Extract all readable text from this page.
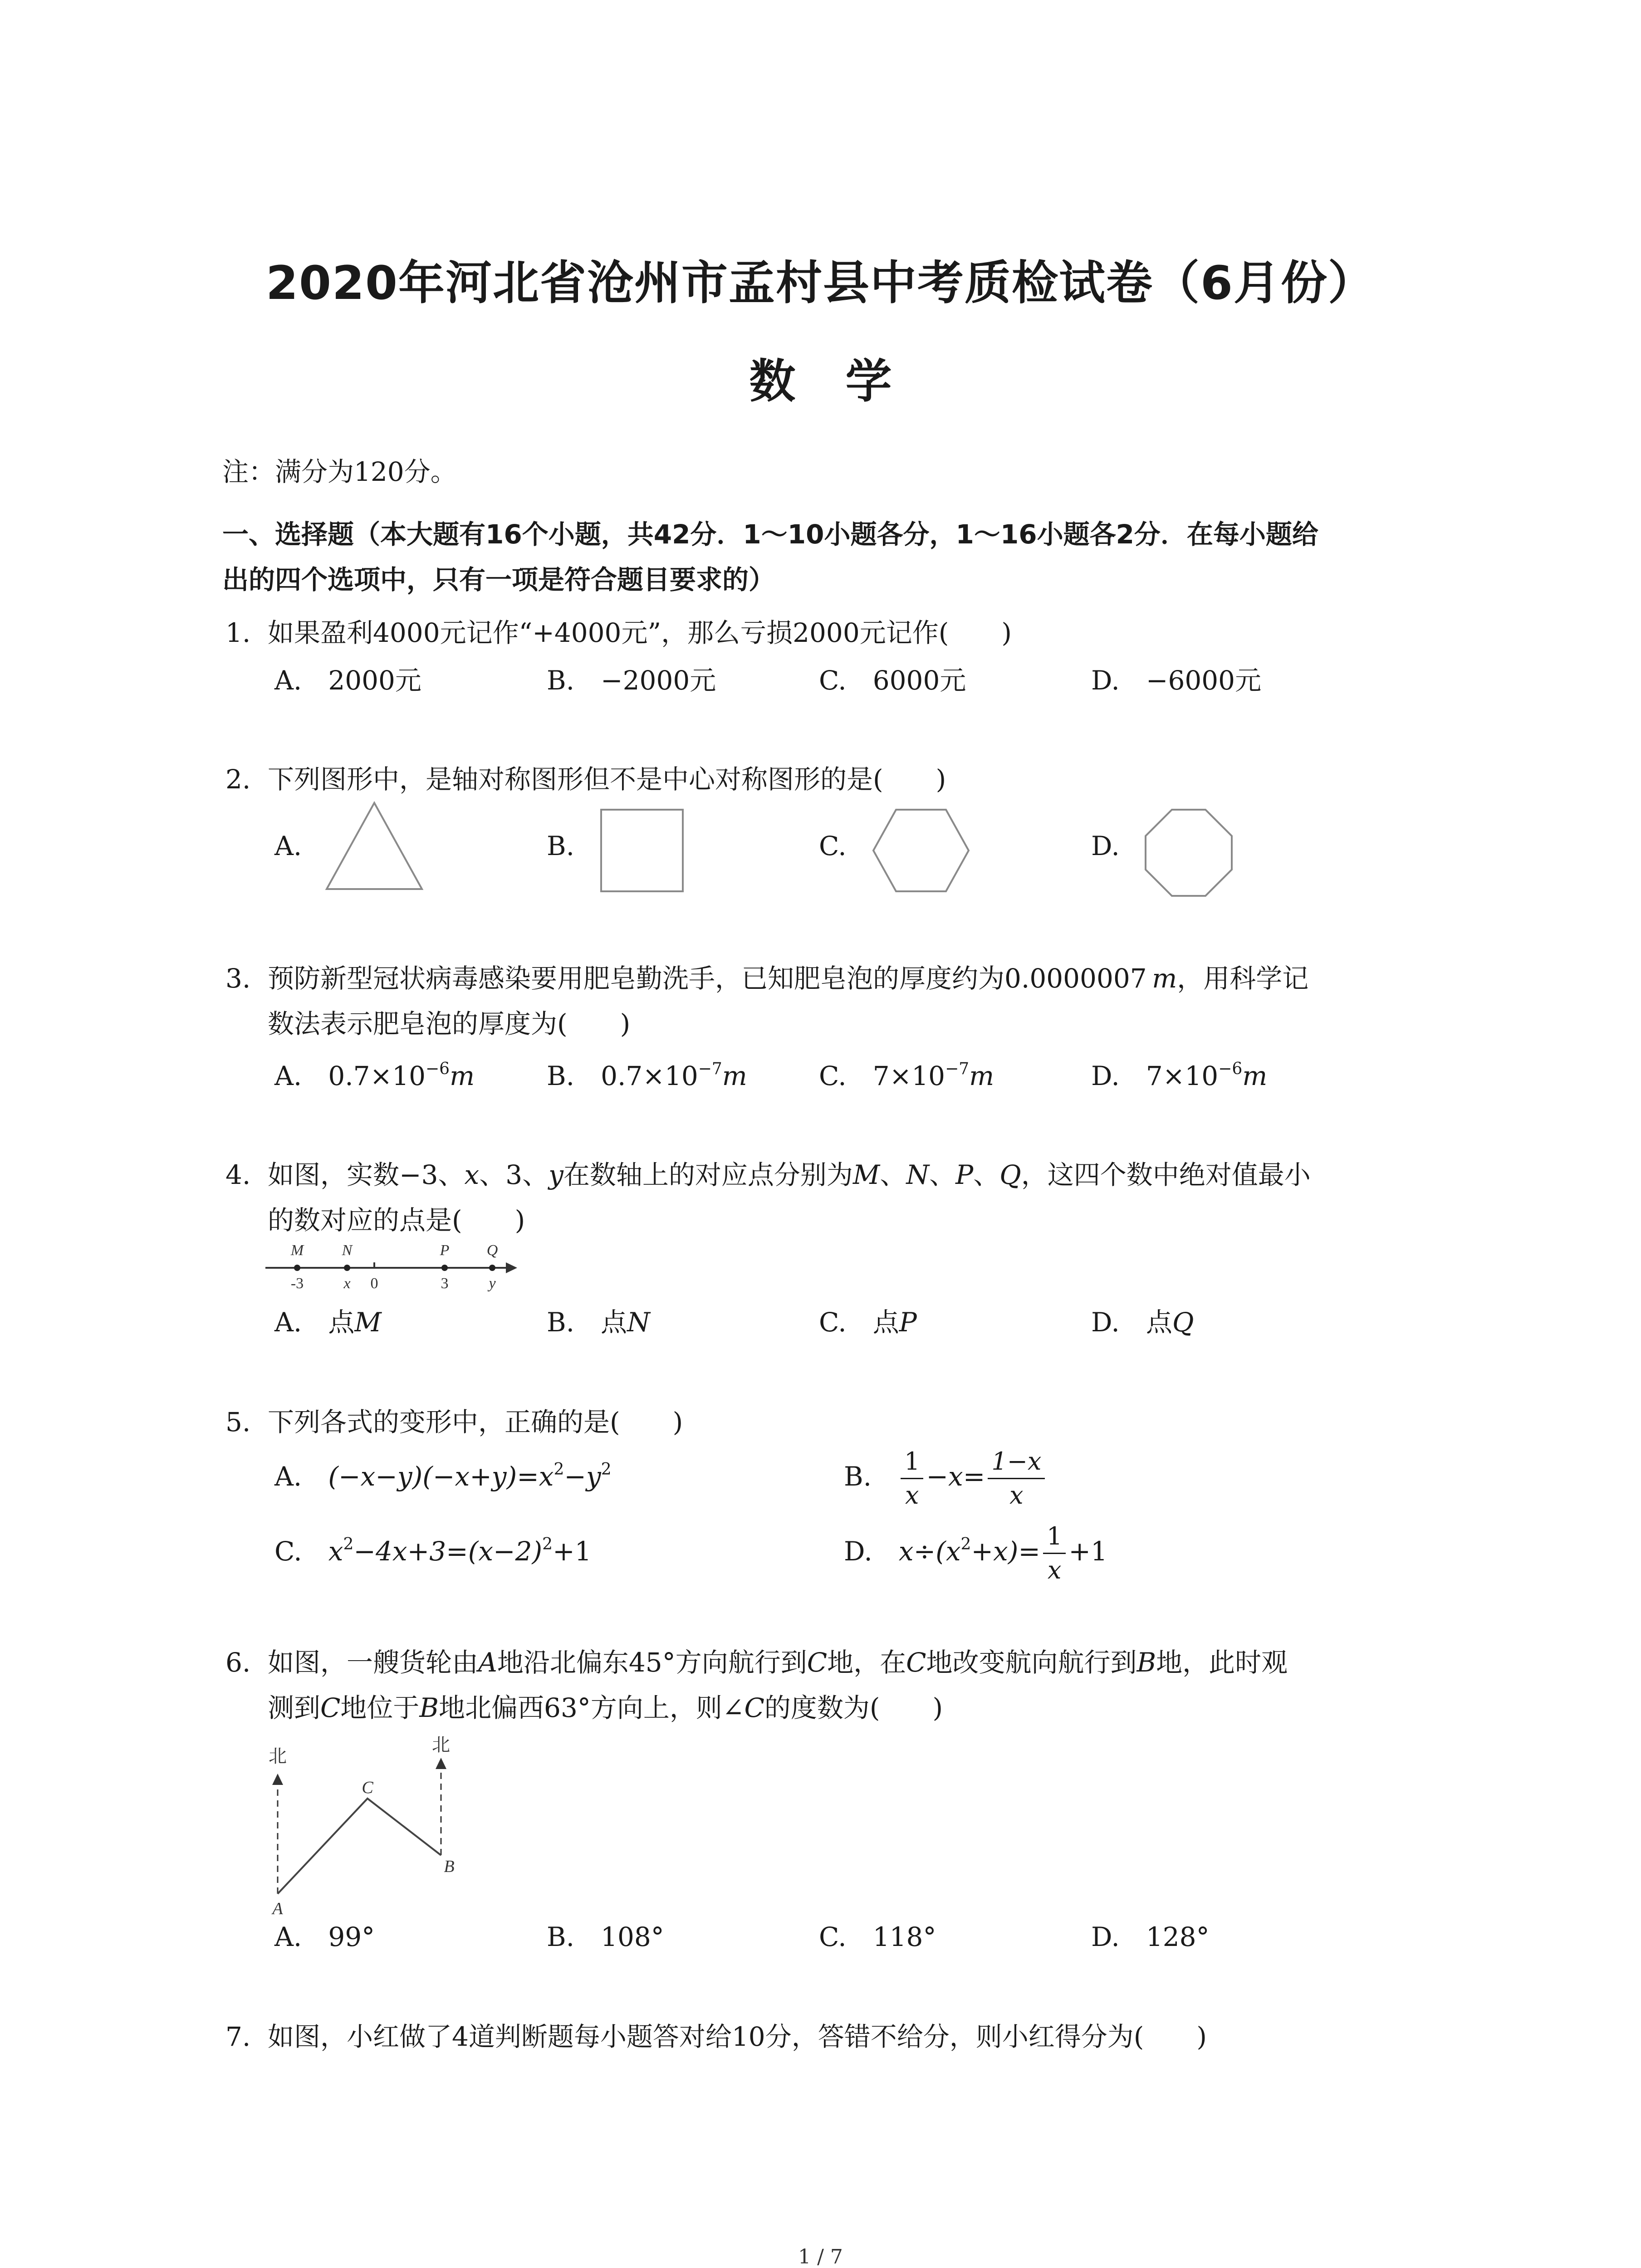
2020年河北省沧州市孟村县中考质检试卷（6月份）
数学
注：满分为120分。
一、选择题（本大题有16个小题，共42分．1～10小题各分，1～16小题各2分．在每小题给
出的四个选项中，只有一项是符合题目要求的）
1. 如果盈利4000元记作“+4000元”，那么亏损2000元记作(　　)
A.　2000元	B.　−2000元	C.　6000元	D.　−6000元
2. 下列图形中，是轴对称图形但不是中心对称图形的是(　　)
A.	B.	C.	D.
3. 预防新型冠状病毒感染要用肥皂勤洗手，已知肥皂泡的厚度约为0.0000007  m，用科学记
数法表示肥皂泡的厚度为(　　)
A.　 $0.7\times 10^{-6}m$	B.　 $0.7\times 10^{-7}m$	C.　 $7\times 10^{-7}m$	D.　 $7\times 10^{-6}m$
4. 如图，实数−3、x、3、y在数轴上的对应点分别为M、N、P、Q，这四个数中绝对值最小
的数对应的点是(　　)
M N	P Q
-3	x 0	3	y
A.　点M	B.　点N	C.　点P	D.　点Q
5. 下列各式的变形中，正确的是(　　)
A.　 $(-x-y)(-x+y)=x^2-y^2$	B.　 $\frac{1}{x} -x= \frac{1-x}{x}$
C.　 $x^2-4x+3=(x-2)^2+1$	D.　 $x\div(x^2+x)= \frac{1}{x} +1$
6. 如图，一艘货轮由A地沿北偏东45°方向航行到C地，在C地改变航向航行到B地，此时观
测到C地位于B地北偏西63°方向上，则∠C的度数为(　　)
北
北
C
B
A
A.　99°	B.　108°	C.　118°	D.　128°
7. 如图，小红做了4道判断题每小题答对给10分，答错不给分，则小红得分为(　　)
1 / 7
